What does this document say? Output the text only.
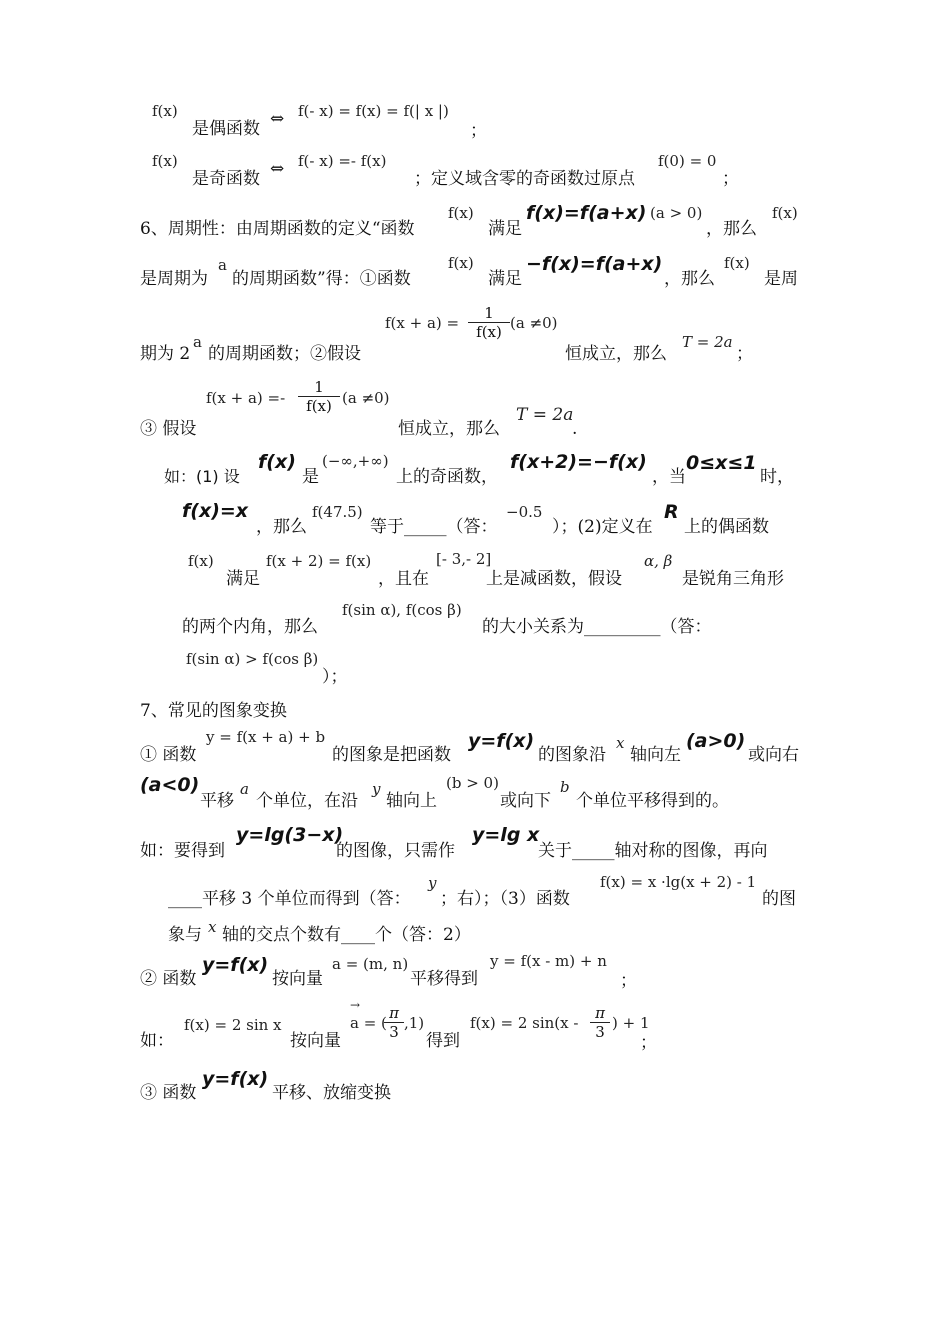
f(x)
是偶函数 ⇔ f(- x) = f(x) = f(| x |)
；
f(x)
是奇函数 ⇔ f(- x) =- f(x)
；定义域含零的奇函数过原点
f(0) = 0
；
6、周期性：由周期函数的定义“函数
f(x)
满足
f(x)=f(a+x) (a > 0)
，那么
f(x)
是周期为
a
的周期函数”得：①函数
f(x)
满足
−f(x)=f(a+x)
，那么
f(x)
是周
期为 2
a
的周期函数；②假设
$f(x + a) = \frac{1}{f(x)} (a \ne 0)$
恒成立，那么
T = 2a
；
③ 假设
$f(x + a) =- \frac{1}{f(x)} (a \ne 0)$
恒成立，那么
T = 2a
.
如：(1) 设
f(x)
是
(−∞,+∞)
上的奇函数，
f(x+2)=−f(x)
，当
0≤x≤1
时，
f(x)=x
，那么
f(47.5)
等于_____（答：
−0.5
）；(2)定义在
R
上的偶函数
f(x)
满足
f(x + 2) = f(x)
，且在
[- 3,- 2]
上是减函数，假设
α, β
是锐角三角形
的两个内角，那么
f(sin α), f(cos β)
的大小关系为_________（答：
f(sin α) > f(cos β)
）；
7、常见的图象变换
① 函数
y = f(x + a) + b
的图象是把函数
y=f(x)
的图象沿
x
轴向左
(a>0)
或向右
(a<0)
平移
a
个单位，在沿
y
轴向上
(b > 0)
或向下
b
个单位平移得到的。
如：要得到
y=lg(3−x)
的图像，只需作
y=lg x
关于_____轴对称的图像，再向
____平移 3 个单位而得到（答：
y
；右）；（3）函数
f(x) = x ·lg(x + 2) - 1
的图
象与 x 轴的交点个数有____个（答：2）
② 函数
y=f(x)
按向量
a = (m, n)
平移得到
y = f(x - m) + n
；
如：
f(x) = 2 sin x
按向量
→
a = (
$\frac{\pi}{3} ,1$)
得到
f(x) = 2 $\sin(x - \frac{\pi}{3}$ ) + 1
；
③ 函数
y=f(x)
平移、放缩变换
